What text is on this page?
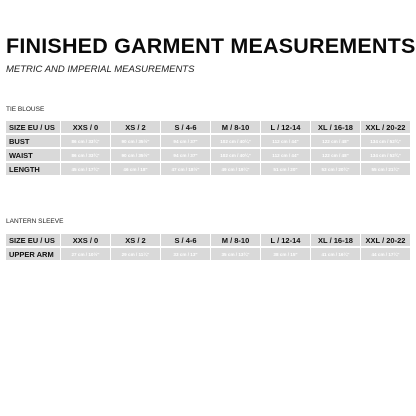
FINISHED GARMENT MEASUREMENTS
METRIC AND IMPERIAL MEASUREMENTS
TIE BLOUSE
SIZE EU / US	XXS / 0	XS / 2	S / 4-6	M / 8-10	L / 12-14	XL / 16-18	XXL / 20-22
BUST	86 cm / 33¾"	90 cm / 35½"	94 cm / 37"	102 cm / 40¼"	112 cm / 44"	122 cm / 48"	134 cm / 52¾"
WAIST	86 cm / 33¾"	90 cm / 35½"	94 cm / 37"	102 cm / 40¼"	112 cm / 44"	122 cm / 48"	134 cm / 52¾"
LENGTH	45 cm / 17¾"	46 cm / 18"	47 cm / 18½"	49 cm / 19¼"	51 cm / 20"	53 cm / 20¾"	55 cm / 21¾"
LANTERN SLEEVE
SIZE EU / US	XXS / 0	XS / 2	S / 4-6	M / 8-10	L / 12-14	XL / 16-18	XXL / 20-22
UPPER ARM	27 cm / 10½"	29 cm / 11¼"	33 cm / 13"	35 cm / 13¾"	38 cm / 15"	41 cm / 16¼"	44 cm / 17¼"
